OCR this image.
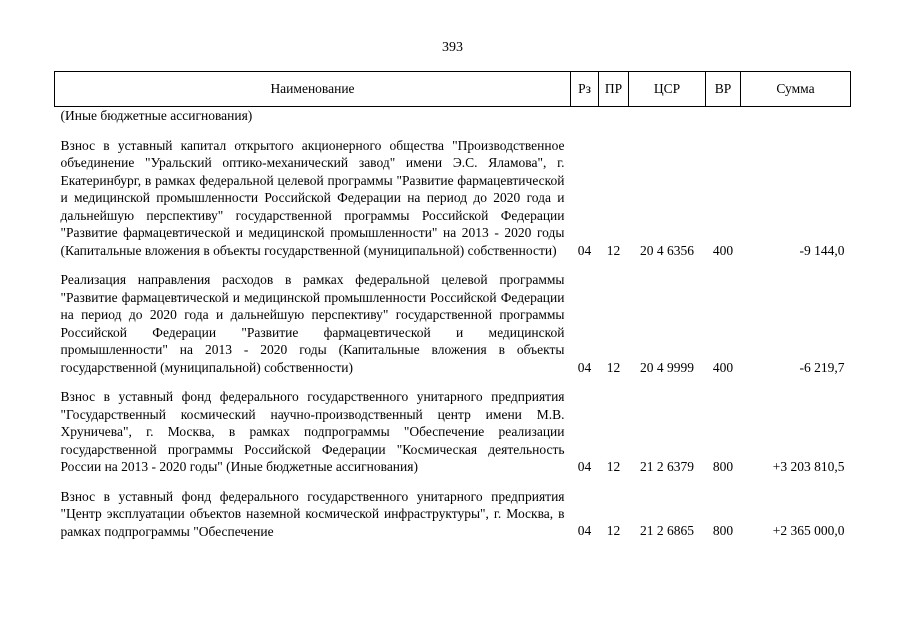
393
Наименование	Рз	ПР	ЦСР	ВР	Сумма
(Иные бюджетные ассигнования)					
Взнос в уставный капитал открытого акционерного общества "Производственное объединение "Уральский оптико-механический завод" имени Э.С. Яламова", г. Екатеринбург, в рамках федеральной целевой программы "Развитие фармацевтической и медицинской промышленности Российской Федерации на период до 2020 года и дальнейшую перспективу" государственной программы Российской Федерации "Развитие фармацевтической и медицинской промышленности" на 2013 - 2020 годы (Капитальные вложения в объекты государственной (муниципальной) собственности)	04	12	20 4 6356	400	-9 144,0
Реализация направления расходов в рамках федеральной целевой программы "Развитие фармацевтической и медицинской промышленности Российской Федерации на период до 2020 года и дальнейшую перспективу" государственной программы Российской Федерации "Развитие фармацевтической и медицинской промышленности" на 2013 - 2020 годы (Капитальные вложения в объекты государственной (муниципальной) собственности)	04	12	20 4 9999	400	-6 219,7
Взнос в уставный фонд федерального государственного унитарного предприятия "Государственный космический научно-производственный центр имени М.В. Хруничева", г. Москва, в рамках подпрограммы "Обеспечение реализации государственной программы Российской Федерации "Космическая деятельность России на 2013 - 2020 годы" (Иные бюджетные ассигнования)	04	12	21 2 6379	800	+3 203 810,5

Взнос в уставный фонд федерального государственного унитарного предприятия "Центр эксплуатации объектов наземной космической инфраструктуры", г. Москва, в рамках подпрограммы "Обеспечение	04	12	21 2 6865	800	+2 365 000,0
